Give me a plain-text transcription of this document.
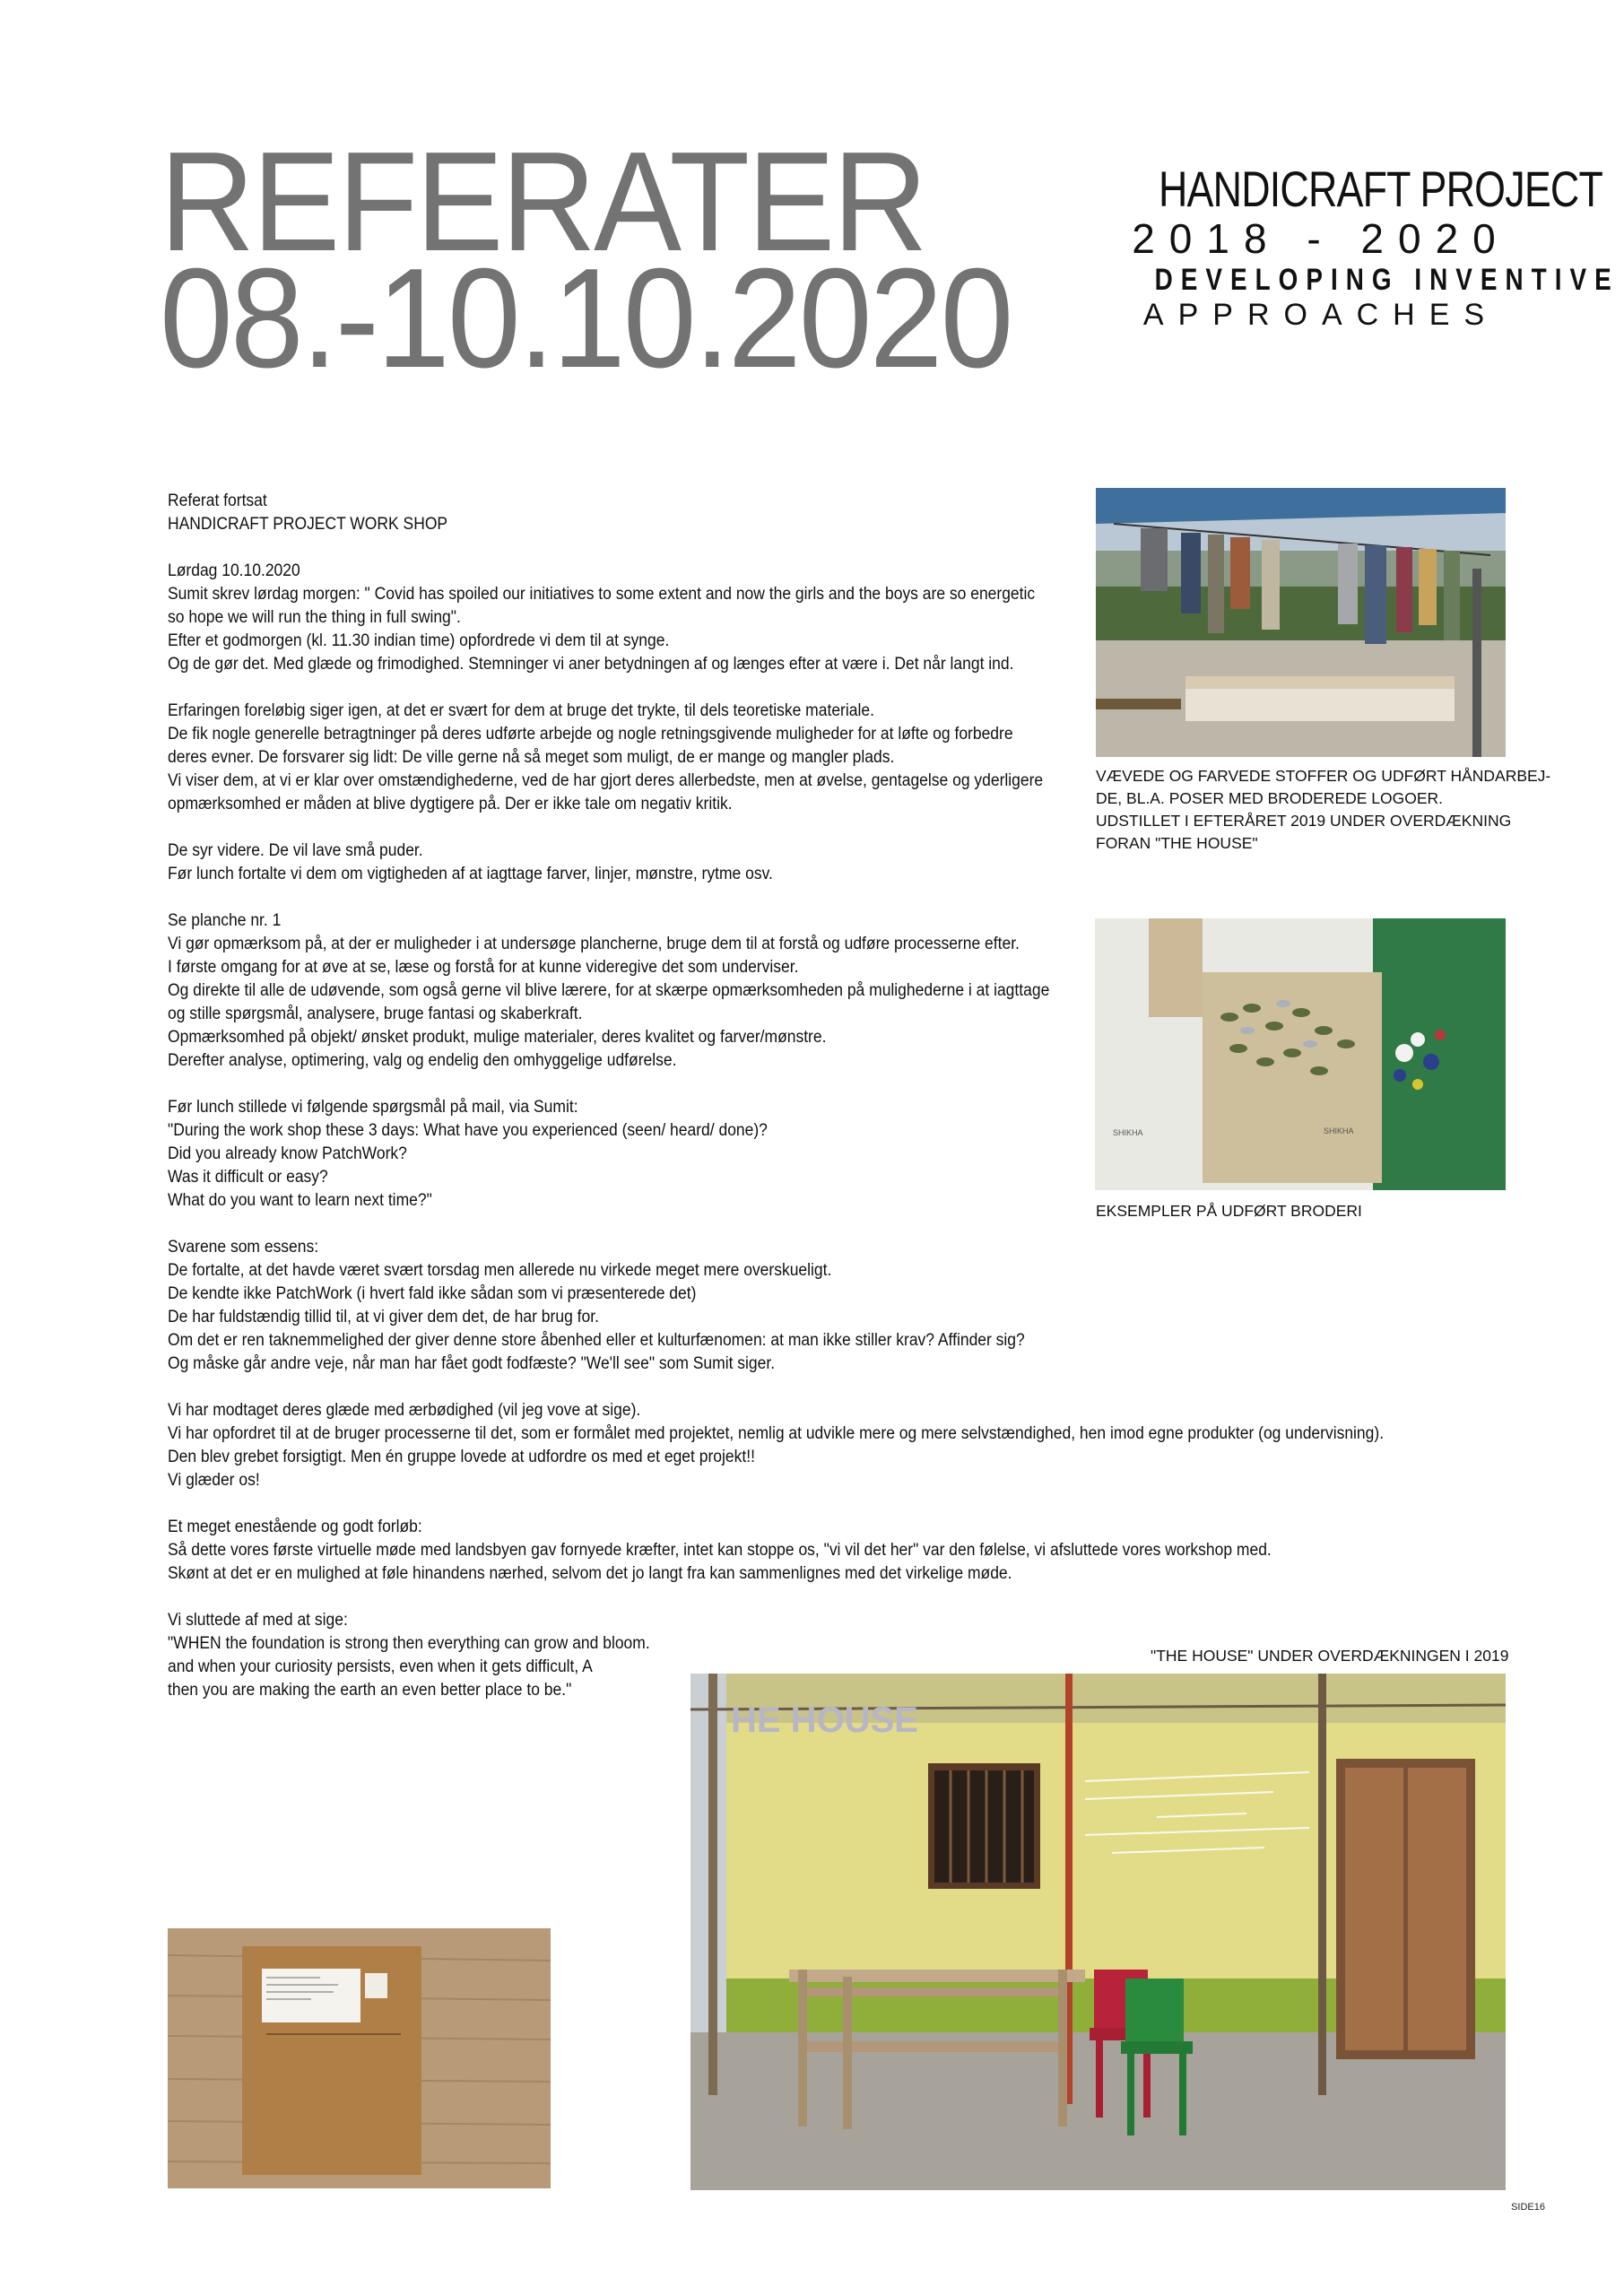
REFERATER
08.-10.10.2020
HANDICRAFT PROJECT
2018 - 2020
DEVELOPING INVENTIVE
APPROACHES

Referat fortsat

HANDICRAFT PROJECT WORK SHOP

Lørdag 10.10.2020

Sumit skrev lørdag morgen: " Covid has spoiled our initiatives to some extent and now the girls and the boys are so energetic

so hope we will run the thing in full swing".

Efter et godmorgen (kl. 11.30 indian time) opfordrede vi dem til at synge.

Og de gør det. Med glæde og frimodighed. Stemninger vi aner betydningen af og længes efter at være i. Det når langt ind.

Erfaringen foreløbig siger igen, at det er svært for dem at bruge det trykte, til dels teoretiske materiale.

De fik nogle generelle betragtninger på deres udførte arbejde og nogle retningsgivende muligheder for at løfte og forbedre

deres evner. De forsvarer sig lidt: De ville gerne nå så meget som muligt, de er mange og mangler plads.

Vi viser dem, at vi er klar over omstændighederne, ved de har gjort deres allerbedste, men at øvelse, gentagelse og yderligere

opmærksomhed er måden at blive dygtigere på. Der er ikke tale om negativ kritik.

De syr videre. De vil lave små puder.

Før lunch fortalte vi dem om vigtigheden af at iagttage farver, linjer, mønstre, rytme osv.

Se planche nr. 1

Vi gør opmærksom på, at der er muligheder i at undersøge plancherne, bruge dem til at forstå og udføre processerne efter.

I første omgang for at øve at se, læse og forstå for at kunne videregive det som underviser.

Og direkte til alle de udøvende, som også gerne vil blive lærere, for at skærpe opmærksomheden på mulighederne i at iagttage

og stille spørgsmål, analysere, bruge fantasi og skaberkraft.

Opmærksomhed på objekt/ ønsket produkt, mulige materialer, deres kvalitet og farver/mønstre.

Derefter analyse, optimering, valg og endelig den omhyggelige udførelse.

Før lunch stillede vi følgende spørgsmål på mail, via Sumit:

"During the work shop these 3 days: What have you experienced (seen/ heard/ done)?

Did you already know PatchWork?

Was it difficult or easy?

What do you want to learn next time?"

Svarene som essens:

De fortalte, at det havde været svært torsdag men allerede nu virkede meget mere overskueligt.

De kendte ikke PatchWork (i hvert fald ikke sådan som vi præsenterede det)

De har fuldstændig tillid til, at vi giver dem det, de har brug for.

Om det er ren taknemmelighed der giver denne store åbenhed eller et kulturfænomen: at man ikke stiller krav? Affinder sig?

Og måske går andre veje, når man har fået godt fodfæste? "We'll see" som Sumit siger.

Vi har modtaget deres glæde med ærbødighed (vil jeg vove at sige).

Vi har opfordret til at de bruger processerne til det, som er formålet med projektet, nemlig at udvikle mere og mere selvstændighed, hen imod egne produkter (og undervisning).

Den blev grebet forsigtigt. Men én gruppe lovede at udfordre os med et eget projekt!!

Vi glæder os!

Et meget enestående og godt forløb:

Så dette vores første virtuelle møde med landsbyen gav fornyede kræfter, intet kan stoppe os, "vi vil det her" var den følelse, vi afsluttede vores workshop med.

Skønt at det er en mulighed at føle hinandens nærhed, selvom det jo langt fra kan sammenlignes med det virkelige møde.

Vi sluttede af med at sige:

"WHEN the foundation is strong then everything can grow and bloom.

and when your curiosity persists, even when it gets difficult, A

then you are making the earth an even better place to be."

VÆVEDE OG FARVEDE STOFFER OG UDFØRT HÅNDARBEJ-
DE, BL.A. POSER MED BRODEREDE LOGOER.
UDSTILLET I EFTERÅRET 2019 UNDER OVERDÆKNING
FORAN "THE HOUSE"
SHIKHA	SHIKHA
EKSEMPLER PÅ UDFØRT BRODERI
"THE HOUSE" UNDER OVERDÆKNINGEN I 2019
HE HOUSE
SIDE16
